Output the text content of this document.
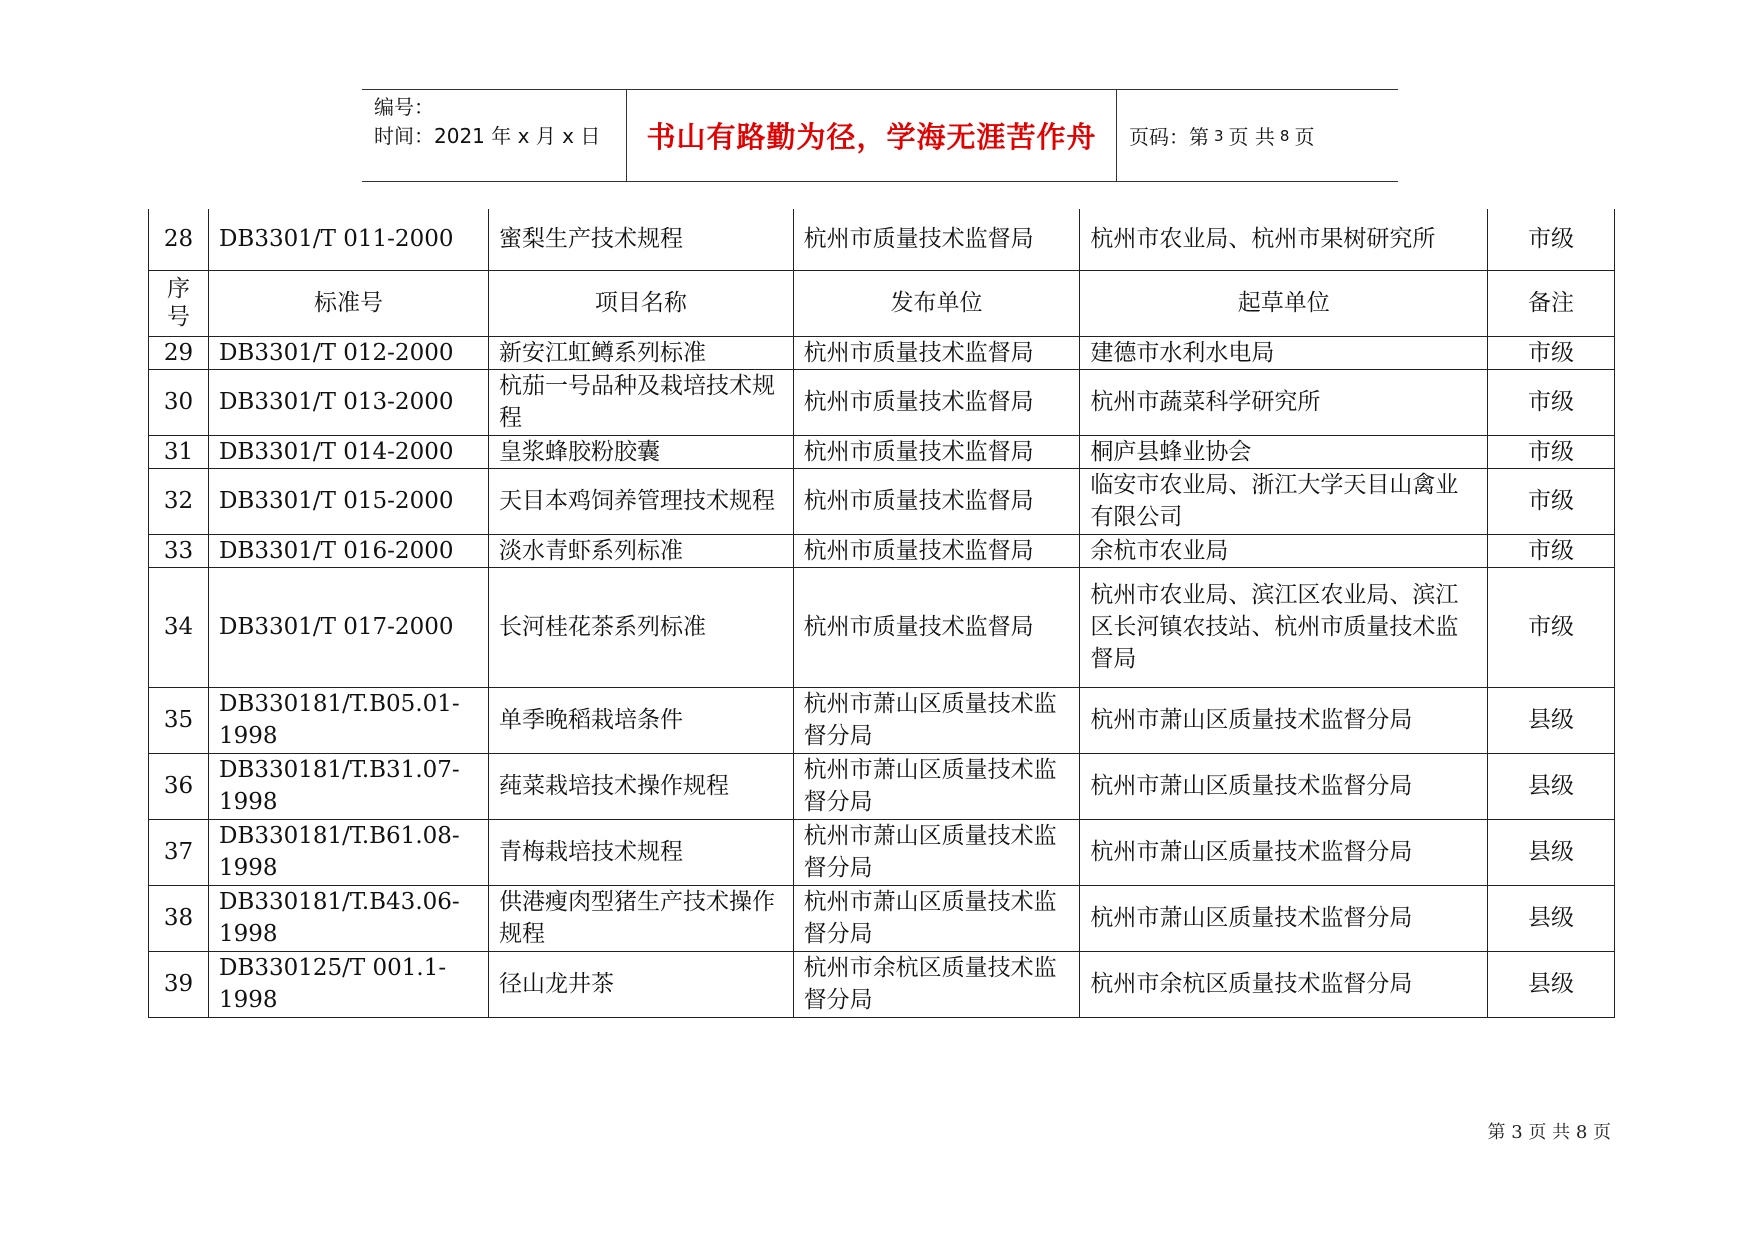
编号：
时间：2021 年 x 月 x 日	书山有路勤为径，学海无涯苦作舟	页码：第 3 页 共 8 页
28	DB3301/T 011-2000	蜜梨生产技术规程	杭州市质量技术监督局	杭州市农业局、杭州市果树研究所	市级
序号	标准号	项目名称	发布单位	起草单位	备注
29	DB3301/T 012-2000	新安江虹鳟系列标准	杭州市质量技术监督局	建德市水利水电局	市级
30	DB3301/T 013-2000	杭茄一号品种及栽培技术规程	杭州市质量技术监督局	杭州市蔬菜科学研究所	市级
31	DB3301/T 014-2000	皇浆蜂胶粉胶囊	杭州市质量技术监督局	桐庐县蜂业协会	市级
32	DB3301/T 015-2000	天目本鸡饲养管理技术规程	杭州市质量技术监督局	临安市农业局、浙江大学天目山禽业有限公司	市级
33	DB3301/T 016-2000	淡水青虾系列标准	杭州市质量技术监督局	余杭市农业局	市级
34	DB3301/T 017-2000	长河桂花茶系列标准	杭州市质量技术监督局	杭州市农业局、滨江区农业局、滨江区长河镇农技站、杭州市质量技术监督局	市级
35	DB330181/T.B05.01-1998	单季晚稻栽培条件	杭州市萧山区质量技术监督分局	杭州市萧山区质量技术监督分局	县级
36	DB330181/T.B31.07-1998	莼菜栽培技术操作规程	杭州市萧山区质量技术监督分局	杭州市萧山区质量技术监督分局	县级
37	DB330181/T.B61.08-1998	青梅栽培技术规程	杭州市萧山区质量技术监督分局	杭州市萧山区质量技术监督分局	县级
38	DB330181/T.B43.06-1998	供港瘦肉型猪生产技术操作规程	杭州市萧山区质量技术监督分局	杭州市萧山区质量技术监督分局	县级
39	DB330125/T 001.1-1998	径山龙井茶	杭州市余杭区质量技术监督分局	杭州市余杭区质量技术监督分局	县级
第 3 页 共 8 页
